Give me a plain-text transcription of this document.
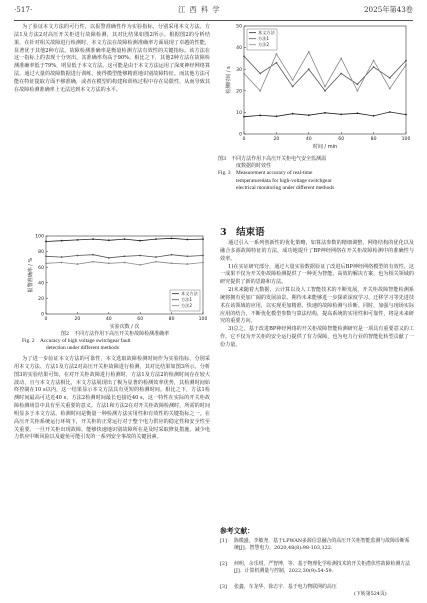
·517·	江 西 科 学	2025年第43卷

为了验证本文方法的可行性，以报警准确性作为实验指标，分别采用本文方法、方法1及方法2对高压开关柜进行故障检测，其对比结果如图2所示。根据图2的分析结果，在针对相关故障进行检测时，本文方法在故障检测准确率方面展现了卓越的性能，显著优于其他2种方法。故障检测准确率是衡量检测方法有效性的关键指标。该方法在这一指标上的表现十分突出，其准确率均高于90%。相比之下，其他2种方法在故障检测准确率低于79%，明显低于本文方法。这可能是由于本文方法运用了深度神经网络算法，通过大量的故障数据进行训练，使得模型能够精准地识别故障特征。而其他方法可能在特征提取方面不够准确，或者在模型的构建和训练过程中存在局限性，从而导致其在故障检测准确率上无法达到本文方法的水平。

0	20	40	60	80	100
0
20
40
60
80
100
实验次数 / 次
报警准确率 / %
本文方法
方法1
方法2
图2　不同方法作用下高压开关柜故障检测准确率
Fig. 2　Accuracy of high voltage switchgear fault
detection under different methods

为了进一步验证本文方法的可靠性，本文选取故障检测时间作为实验指标，分别采用本文方法、方法1及方法2对高压开关柜故障进行检测，其对比结果如图3所示。分析图3的实验结果可知，在对开关柜故障进行检测时，方法1及方法2的检测时间存在较大波动，且与本文方法相比，本文方法展现出了极为显著的检测效率优势，其检测时间始终控制在10 s以内，这一结果显示本文方法具有更短的检测时间。相比之下，方法1检测时间最高可达近40 s，方法2检测时间最长也接近40 s，这一特性在实际的开关柜故障检测场景中具有至关重要的意义。方法1和方法2在对开关柜故障检测时，所需的时间明显多于本文方法。检测时间是衡量一种检测方法实用性和有效性的关键指标之一。在高压开关柜系统运行环境下，开关柜的正常运行对于整个电力供应的稳定性和安全性至关重要。一旦开关柜出现故障，能够快速地识别故障所在是及时采取修复措施、减少电力供应中断风险以及避免可能引发的一系列安全事故的关键因素。

0	20	40	60	80	100
0
10
20
30
40
50
时间 / min
检测时间 / s
本文方法
方法1
方法2
图3　不同方法作用下高压开关柜电气安全监测温
度数据的时效性
Fig. 3　Measurement accuracy of real-time
temperaturedata for high-voltage switchgear
electrical monitoring under different methods
3　结束语

通过引入一系列创新性的优化策略，如算法参数的精细调整、网络结构的优化以及融合多源故障特征的方法，成功地提升了BP神经网络在开关柜故障检测中的准确性与效率。

1)在实证研究部分，通过大量实验数据验证了改进后BP神经网络模型的有效性。这一成果不仅为开关柜故障检测提供了一种更为智能、高效的解决方案，也为相关领域的研究提供了新的思路和方法。

2)未来随着大数据、云计算以及人工智能技术的不断发展，开关柜故障智能检测系统将拥有更加广阔的发展前景。期待未来能够进一步探索深度学习、迁移学习等先进技术在该领域的应用，以实现更加精准、快速的故障检测与诊断。同时，加强与现场实际应用的结合，不断优化模型参数与算法结构，提高系统的实用性和可靠性，将是未来研究的重要方向。

3)总之，基于改进BP神经网络的开关柜故障智能检测研究是一项具有重要意义的工作。它不仅为开关柜的安全运行提供了有力保障，也为电力行业的智能化转型贡献了一份力量。

参考文献：
[1] 陈模盛，李敏尧．基于LPWAN多源信息融合的高压开关柜智能监测与故障诊断系统[J]．智慧电力，2020,48(8):98-103,122.
[2] 何明，余乐琪，严智博，等．基于物理化学检测技术的开关柜潜伏性故障检测方法[J]．计算机测量与控制，2022,30(9):54-59.
[3] 张鑫，车龙华，徐志宇．基于电力物联网的高压
(下转第524页)
